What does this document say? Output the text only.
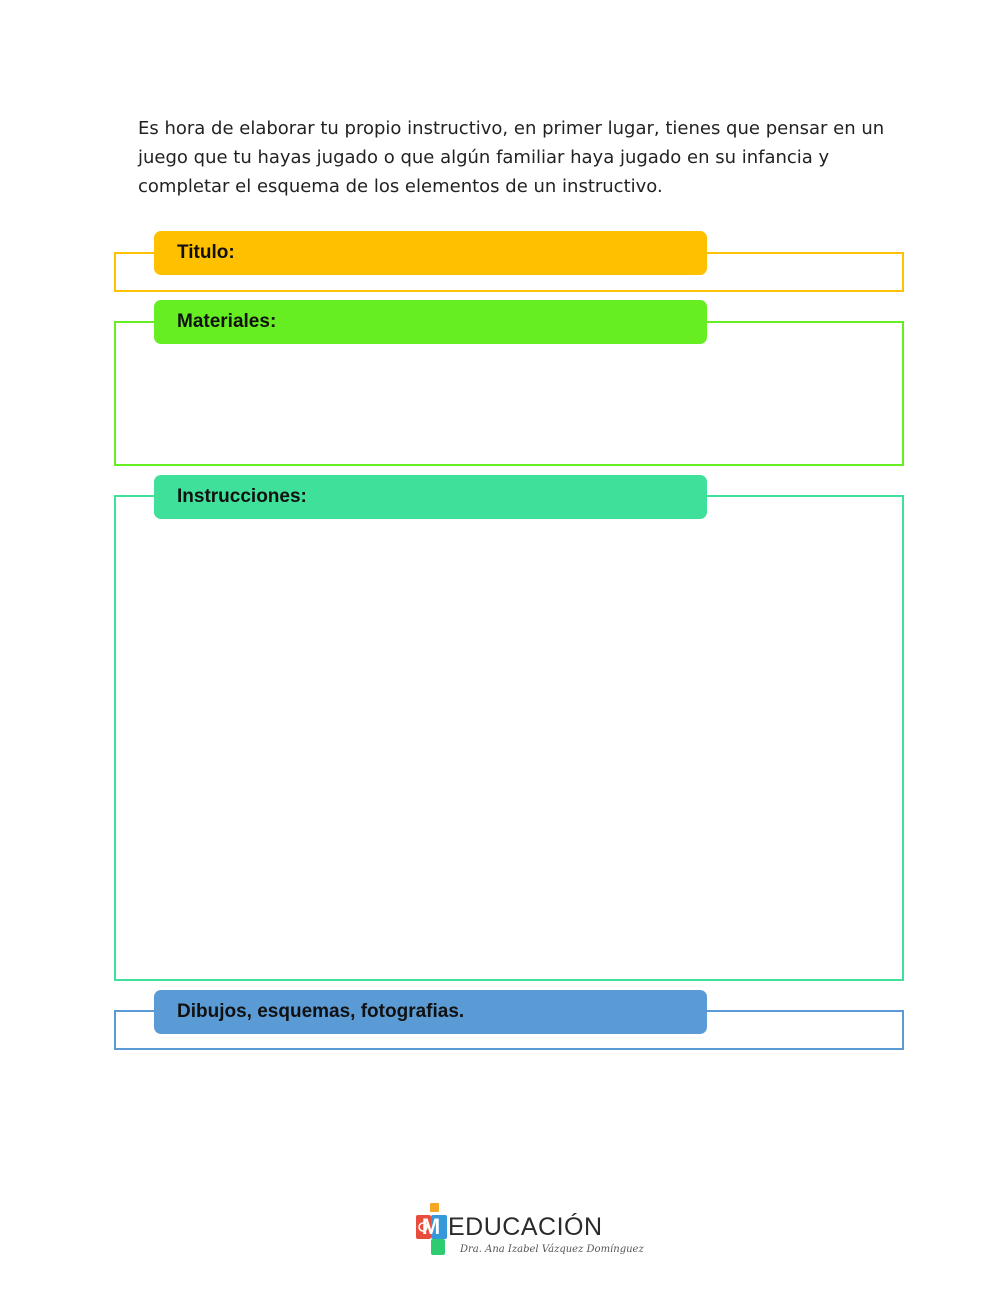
Es hora de elaborar tu propio instructivo, en primer lugar, tienes que pensar en un juego que tu hayas jugado o que algún familiar haya jugado en su infancia y completar el esquema de los elementos de un instructivo.

Titulo:
Materiales:
Instrucciones:
Dibujos, esquemas, fotografias.
M EDUCACIÓN
Dra. Ana Izabel Vázquez Domínguez
